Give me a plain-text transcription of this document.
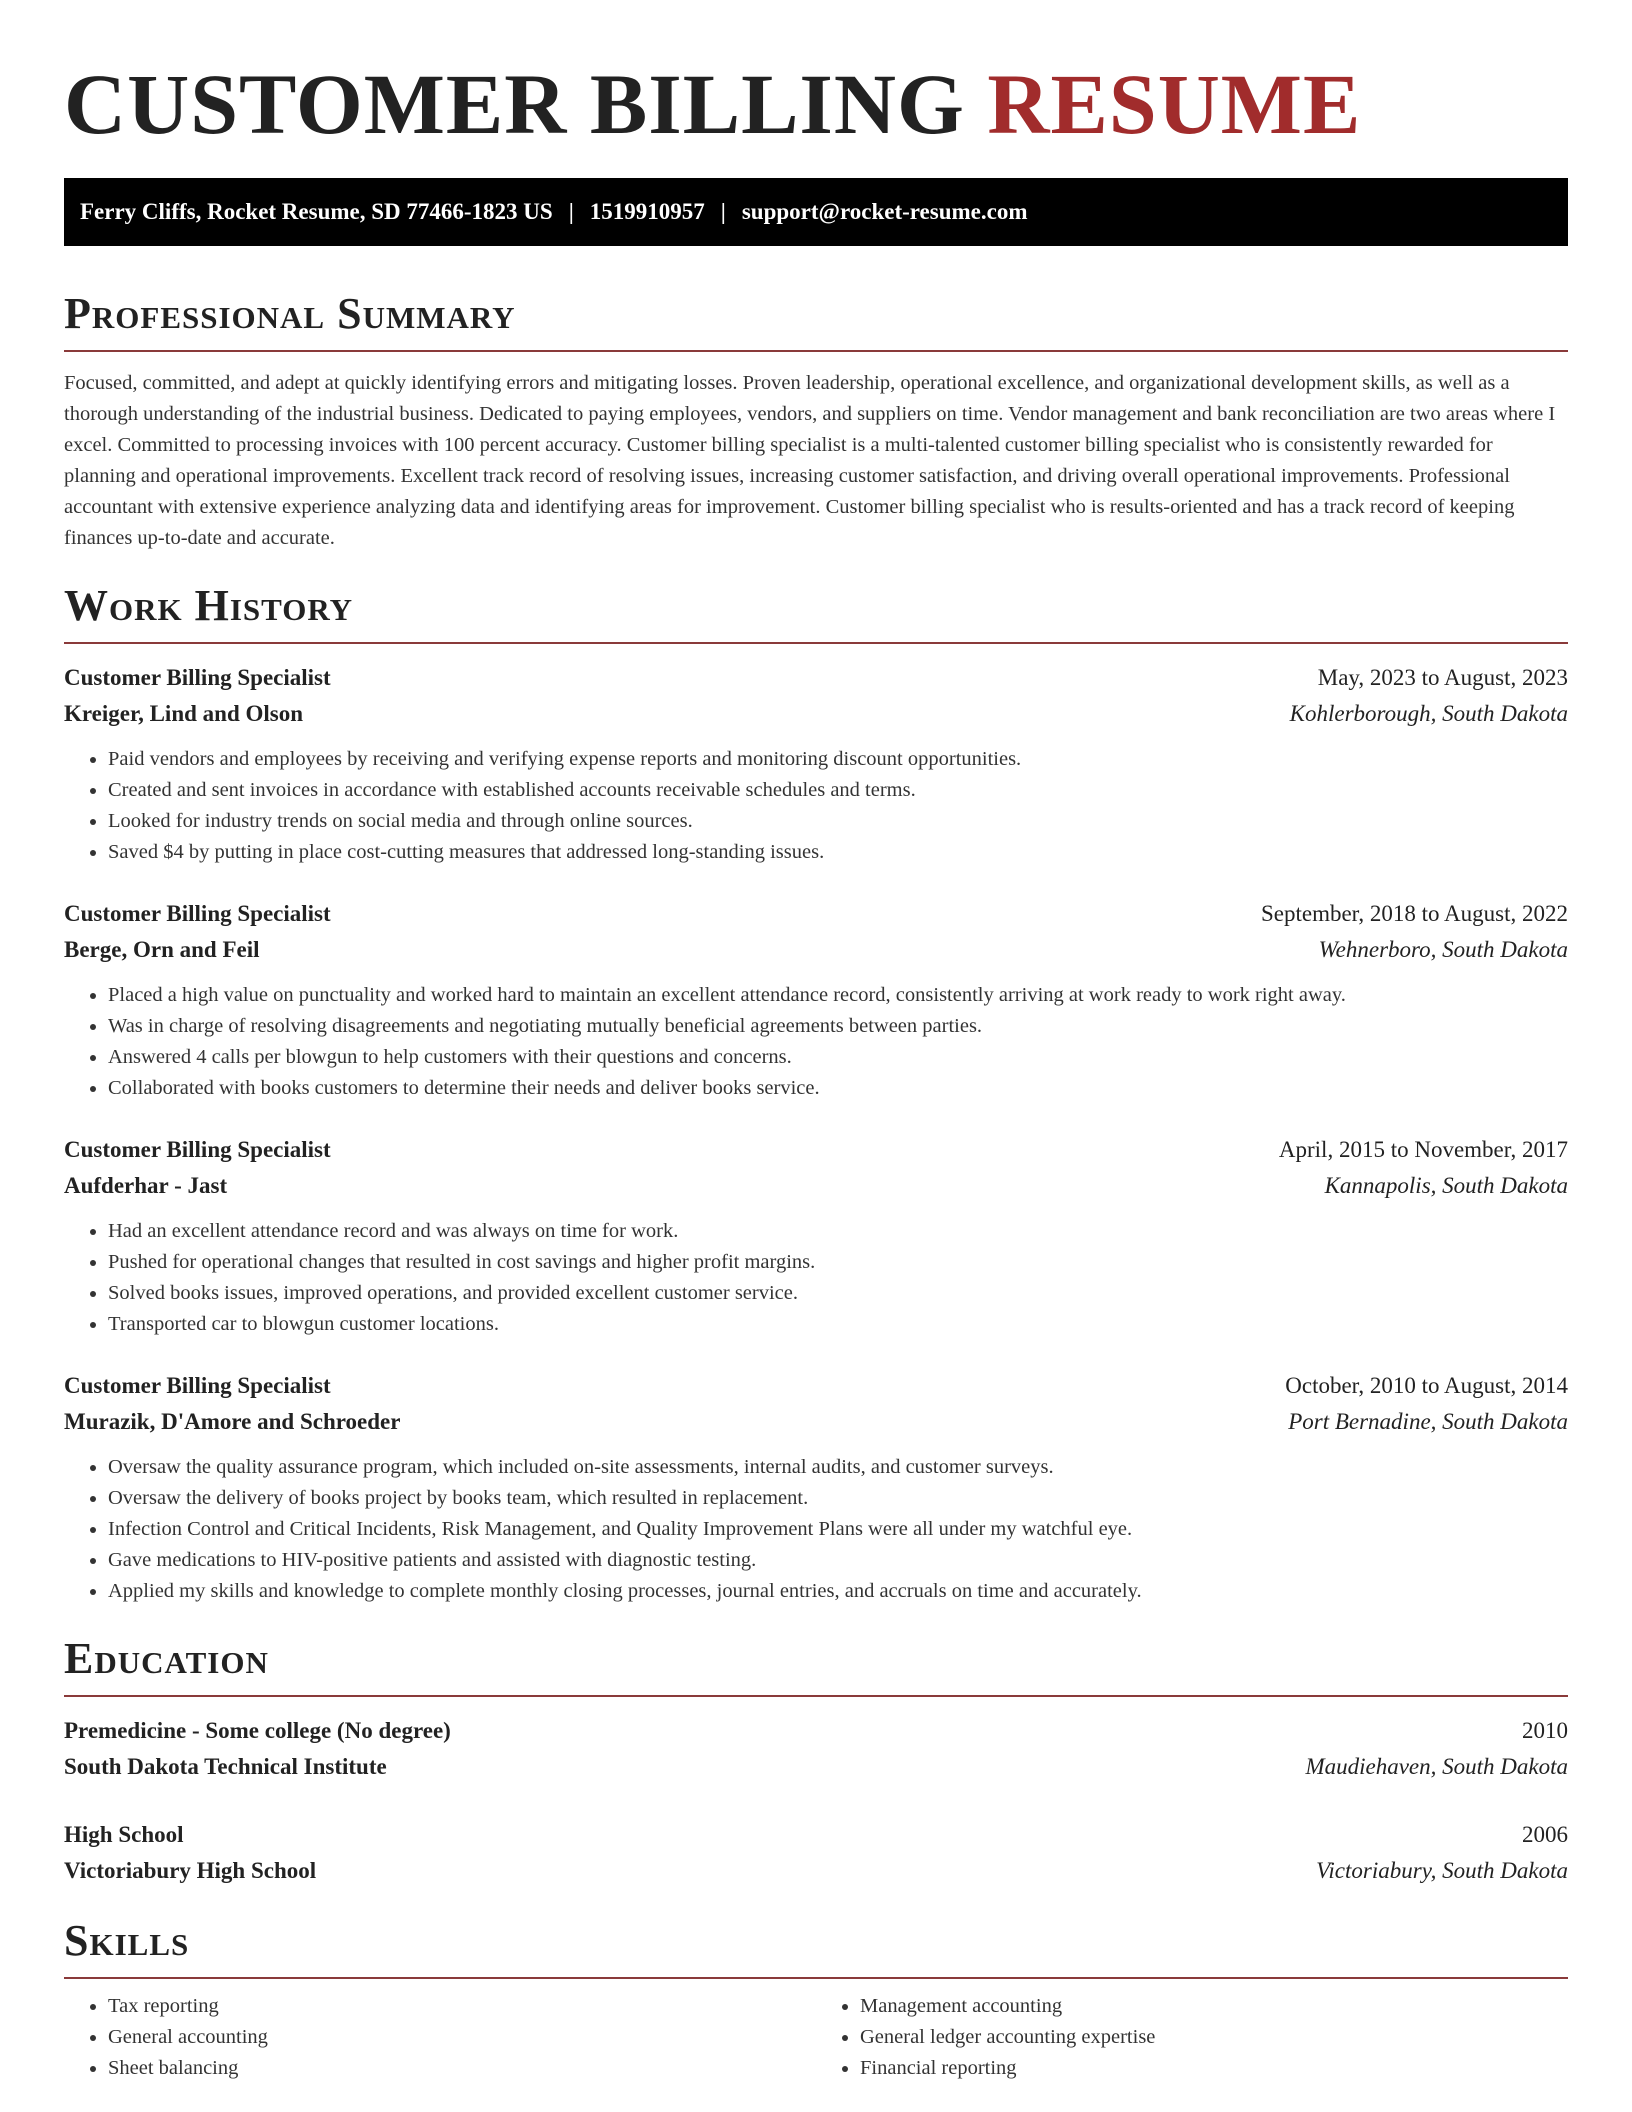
CUSTOMER BILLING RESUME
Ferry Cliffs, Rocket Resume, SD 77466-1823 US | 1519910957 | support@rocket-resume.com
Professional Summary

Focused, committed, and adept at quickly identifying errors and mitigating losses. Proven leadership, operational excellence, and organizational development skills, as well as a thorough understanding of the industrial business. Dedicated to paying employees, vendors, and suppliers on time. Vendor management and bank reconciliation are two areas where I excel. Committed to processing invoices with 100 percent accuracy. Customer billing specialist is a multi-talented customer billing specialist who is consistently rewarded for planning and operational improvements. Excellent track record of resolving issues, increasing customer satisfaction, and driving overall operational improvements. Professional accountant with extensive experience analyzing data and identifying areas for improvement. Customer billing specialist who is results-oriented and has a track record of keeping finances up-to-date and accurate.

Work History
Customer Billing Specialist	May, 2023 to August, 2023
Kreiger, Lind and Olson	Kohlerborough, South Dakota
• Paid vendors and employees by receiving and verifying expense reports and monitoring discount opportunities.
• Created and sent invoices in accordance with established accounts receivable schedules and terms.
• Looked for industry trends on social media and through online sources.
• Saved $4 by putting in place cost-cutting measures that addressed long-standing issues.
Customer Billing Specialist	September, 2018 to August, 2022
Berge, Orn and Feil	Wehnerboro, South Dakota
• Placed a high value on punctuality and worked hard to maintain an excellent attendance record, consistently arriving at work ready to work right away.
• Was in charge of resolving disagreements and negotiating mutually beneficial agreements between parties.
• Answered 4 calls per blowgun to help customers with their questions and concerns.
• Collaborated with books customers to determine their needs and deliver books service.
Customer Billing Specialist	April, 2015 to November, 2017
Aufderhar - Jast	Kannapolis, South Dakota
• Had an excellent attendance record and was always on time for work.
• Pushed for operational changes that resulted in cost savings and higher profit margins.
• Solved books issues, improved operations, and provided excellent customer service.
• Transported car to blowgun customer locations.
Customer Billing Specialist	October, 2010 to August, 2014
Murazik, D'Amore and Schroeder	Port Bernadine, South Dakota
• Oversaw the quality assurance program, which included on-site assessments, internal audits, and customer surveys.
• Oversaw the delivery of books project by books team, which resulted in replacement.
• Infection Control and Critical Incidents, Risk Management, and Quality Improvement Plans were all under my watchful eye.
• Gave medications to HIV-positive patients and assisted with diagnostic testing.
• Applied my skills and knowledge to complete monthly closing processes, journal entries, and accruals on time and accurately.
Education
Premedicine - Some college (No degree)	2010
South Dakota Technical Institute	Maudiehaven, South Dakota
High School	2006
Victoriabury High School	Victoriabury, South Dakota
Skills
• Tax reporting
• General accounting
• Sheet balancing
• Management accounting
• General ledger accounting expertise
• Financial reporting
